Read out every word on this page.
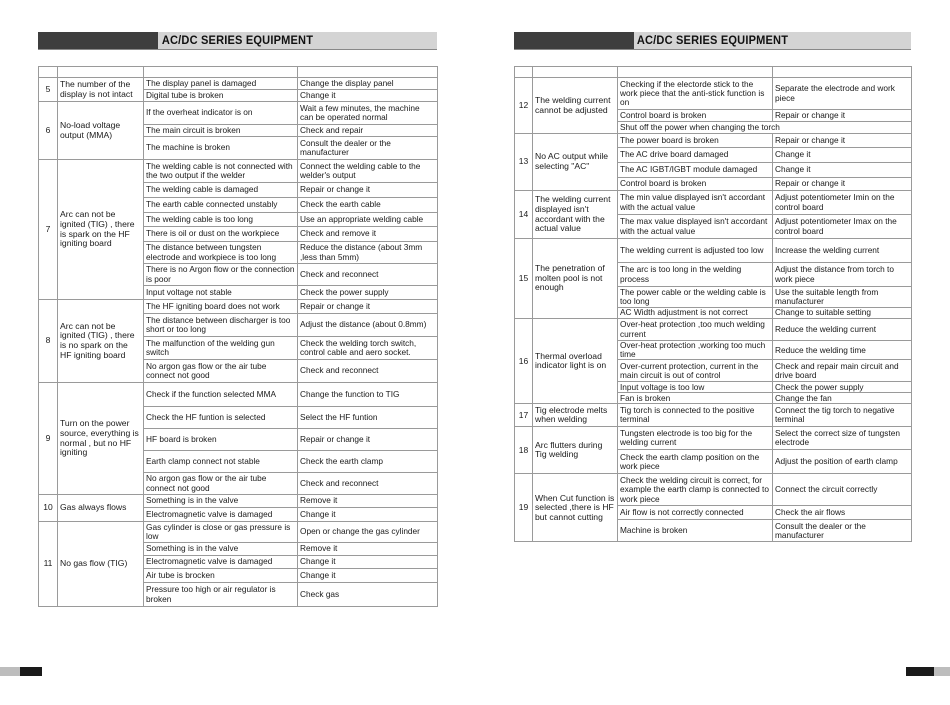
AC/DC SERIES EQUIPMENT

5	The number of the display is not intact	The display panel is damaged	Change the display panel
		Digital tube is broken	Change it
6	No-load voltage output (MMA)	If the overheat indicator is on	Wait a few minutes, the machine can be operated normal
		The main circuit is broken	Check and repair
		The machine is broken	Consult the dealer or the manufacturer
7	Arc can not be ignited (TIG) , there is spark on the HF igniting board	The welding cable is not connected with the two output if the welder	Connect the welding cable to the welder's output
		The welding cable is damaged	Repair or change it
		The earth cable connected unstably	Check the earth cable
		The welding cable is too long	Use an appropriate welding cable
		There is oil or dust on the workpiece	Check and remove it
		The distance between tungsten electrode and workpiece is too long	Reduce the distance (about 3mm ,less than 5mm)
		There is no Argon flow or the connection is poor	Check and reconnect
		Input voltage not stable	Check the power supply
8	Arc can not be ignited (TIG) , there is no spark on the HF igniting board	The HF igniting board does not work	Repair or change it
		The distance between discharger is too short or too long	Adjust the distance (about 0.8mm)
		The malfunction of the welding gun switch	Check the welding torch switch, control cable and aero socket.
		No argon gas flow or the air tube connect not good	Check and reconnect
9	Turn on the power source, everything is normal , but no HF igniting	Check if the function selected MMA	Change the function to TIG
		Check the HF funtion is selected	Select the HF funtion
		HF board is broken	Repair or change it
		Earth clamp connect not stable	Check the earth clamp
		No argon gas flow or the air tube connect not good	Check and reconnect
10	Gas always flows	Something is in the valve	Remove it
		Electromagnetic valve is damaged	Change it
11	No gas flow (TIG)	Gas cylinder is close or gas pressure is low	Open or change the gas cylinder
		Something is in the valve	Remove it
		Electromagnetic valve is damaged	Change it
		Air tube is brocken	Change it
		Pressure too high or air regulator is broken	Check gas
AC/DC SERIES EQUIPMENT

12	The welding current cannot be adjusted	Checking if the electorde stick to the work piece that the anti-stick function is on	Separate the electrode and work piece
		Control board is broken	Repair or change it
		Shut off the power when changing the torch	
13	No AC output while selecting "AC"	The power board is broken	Repair or change it
		The AC drive board damaged	Change it
		The AC IGBT/IGBT module damaged	Change it
		Control board is broken	Repair or change it
14	The welding current displayed isn't accordant with the actual value	The min value displayed isn't accordant with the actual value	Adjust potentiometer Imin on the control board
		The max value displayed isn't accordant with the actual value	Adjust potentiometer Imax on the control board
15	The penetration of molten pool is not enough	The welding current is adjusted too low	Increase the welding current
		The arc is too long in the welding process	Adjust the distance from torch to work piece
		The power cable or the welding cable is too long	Use the suitable length from manufacturer
		AC Width adjustment is not correct	Change to suitable setting
16	Thermal overload indicator light is on	Over-heat protection ,too much welding current	Reduce the welding current
		Over-heat protection ,working too much time	Reduce the welding time
		Over-current protection, current in the main circuit is out of control	Check and repair main circuit and drive board
		Input voltage is too low	Check the power supply
		Fan is broken	Change the fan
17	Tig electrode melts when welding	Tig torch is connected to the positive terminal	Connect the tig torch to negative terminal
18	Arc flutters during Tig welding	Tungsten electrode is too big for the welding current	Select the correct size of tungsten electrode
		Check the earth clamp position on the work piece	Adjust the position of earth clamp
19	When Cut function is selected ,there is HF but cannot cutting	Check the welding circuit is correct, for example the earth clamp is connected to work piece	Connect the circuit correctly
		Air flow is not correctly connected	Check the air flows
		Machine is broken	Consult the dealer or the manufacturer
